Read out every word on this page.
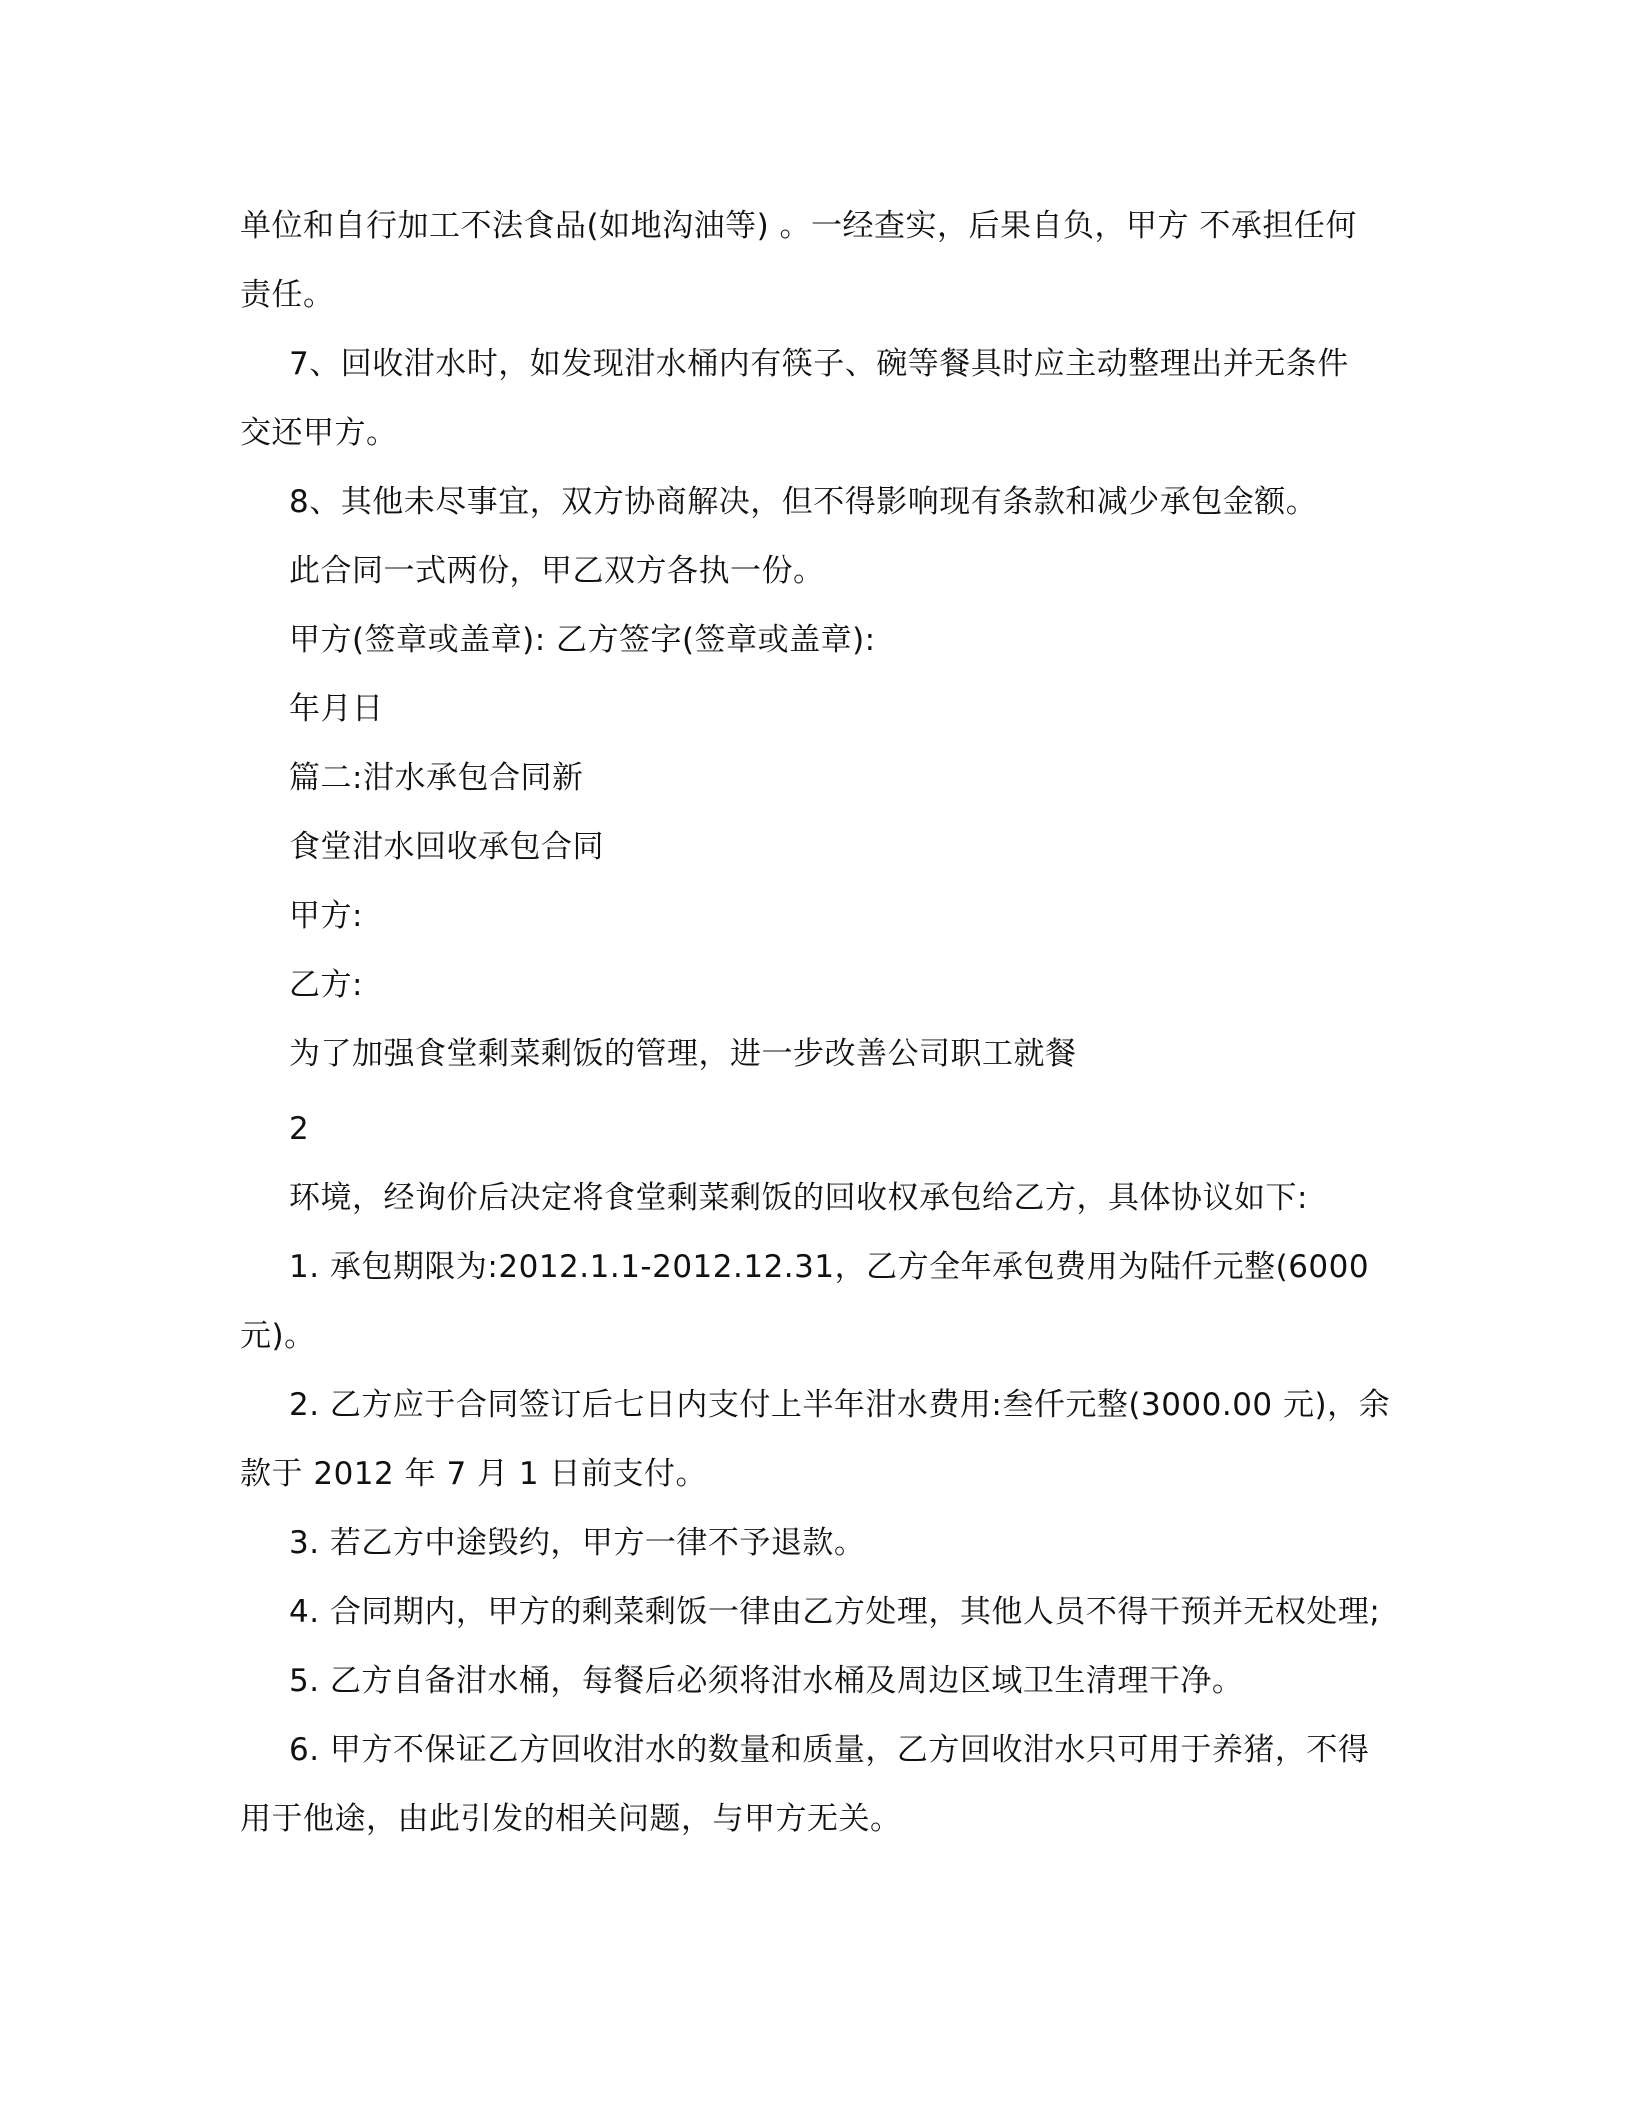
单位和自行加工不法食品(如地沟油等) 。一经查实，后果自负，甲方 不承担任何
责任。
7、回收泔水时，如发现泔水桶内有筷子、碗等餐具时应主动整理出并无条件
交还甲方。
8、其他未尽事宜，双方协商解决，但不得影响现有条款和减少承包金额。
此合同一式两份，甲乙双方各执一份。
甲方(签章或盖章): 乙方签字(签章或盖章):
年月日
篇二:泔水承包合同新
食堂泔水回收承包合同
甲方:
乙方:
为了加强食堂剩菜剩饭的管理，进一步改善公司职工就餐
2
环境，经询价后决定将食堂剩菜剩饭的回收权承包给乙方，具体协议如下:
1. 承包期限为:2012.1.1-2012.12.31，乙方全年承包费用为陆仟元整(6000
元)。
2. 乙方应于合同签订后七日内支付上半年泔水费用:叁仟元整(3000.00 元)，余
款于 2012 年 7 月 1 日前支付。
3. 若乙方中途毁约，甲方一律不予退款。
4. 合同期内，甲方的剩菜剩饭一律由乙方处理，其他人员不得干预并无权处理;
5. 乙方自备泔水桶，每餐后必须将泔水桶及周边区域卫生清理干净。
6. 甲方不保证乙方回收泔水的数量和质量，乙方回收泔水只可用于养猪，不得
用于他途，由此引发的相关问题，与甲方无关。
